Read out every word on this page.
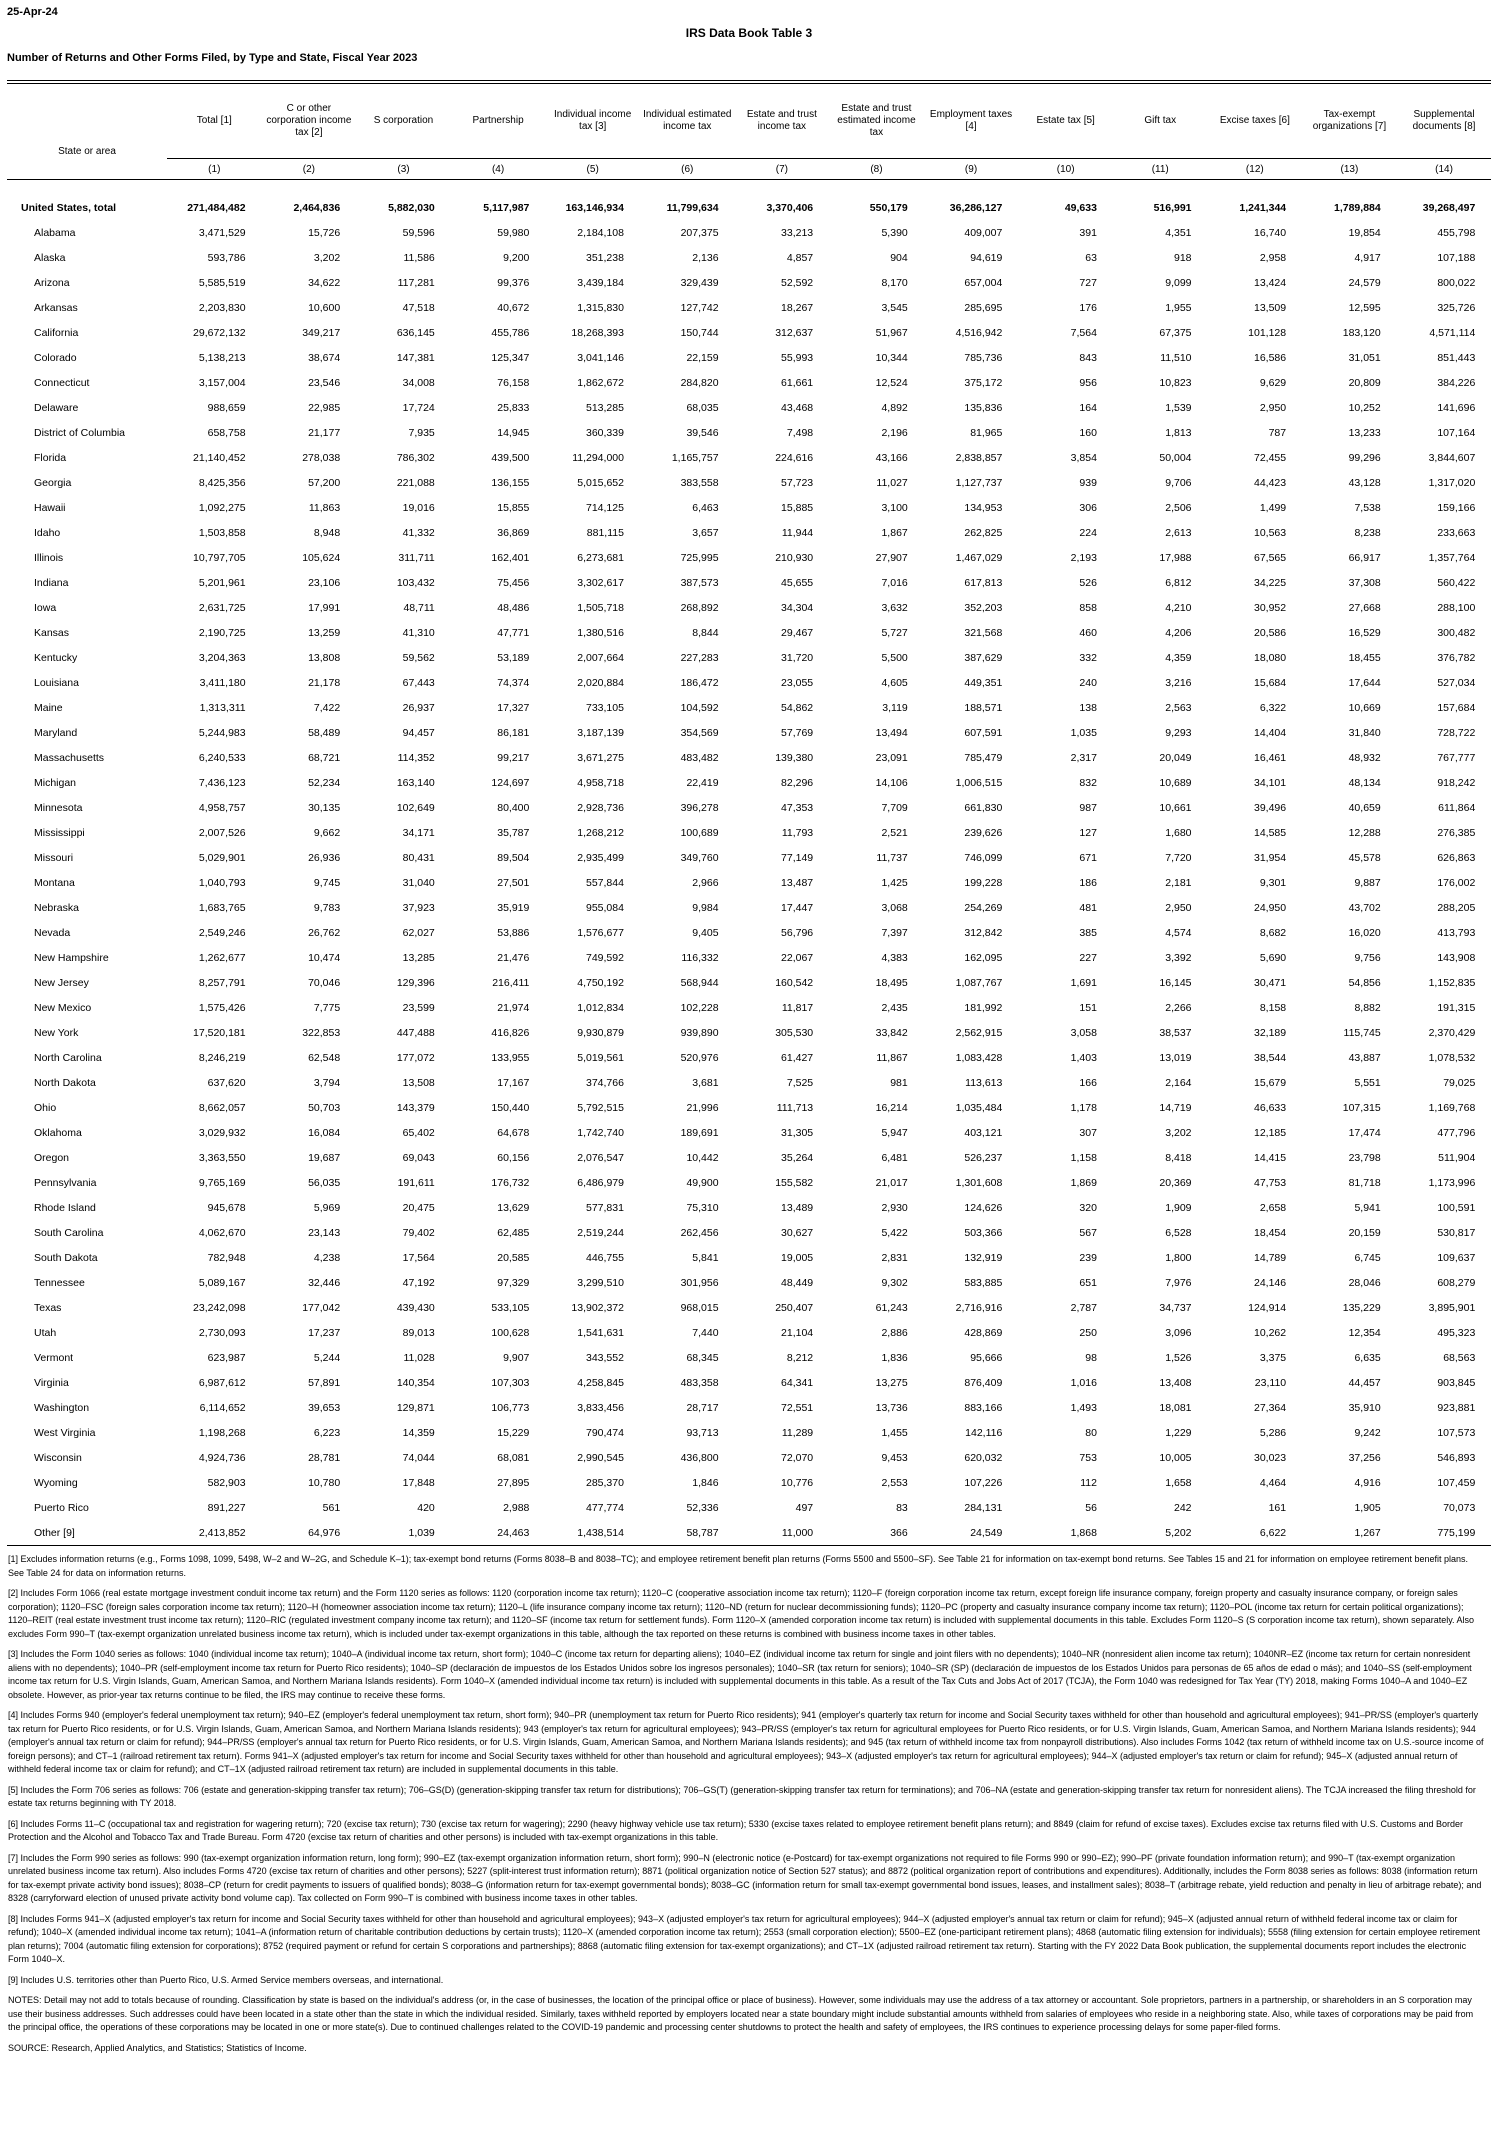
25-Apr-24
IRS Data Book Table 3
Number of Returns and Other Forms Filed, by Type and State, Fiscal Year 2023
State or area	Total [1]	C or other corporation income tax [2]	S corporation	Partnership	Individual income tax [3]	Individual estimated income tax	Estate and trust income tax	Estate and trust estimated income tax	Employment taxes [4]	Estate tax [5]	Gift tax	Excise taxes [6]	Tax-exempt organizations [7]	Supplemental documents [8]
	(1)	(2)	(3)	(4)	(5)	(6)	(7)	(8)	(9)	(10)	(11)	(12)	(13)	(14)

United States, total	271,484,482	2,464,836	5,882,030	5,117,987	163,146,934	11,799,634	3,370,406	550,179	36,286,127	49,633	516,991	1,241,344	1,789,884	39,268,497
Alabama	3,471,529	15,726	59,596	59,980	2,184,108	207,375	33,213	5,390	409,007	391	4,351	16,740	19,854	455,798
Alaska	593,786	3,202	11,586	9,200	351,238	2,136	4,857	904	94,619	63	918	2,958	4,917	107,188
Arizona	5,585,519	34,622	117,281	99,376	3,439,184	329,439	52,592	8,170	657,004	727	9,099	13,424	24,579	800,022
Arkansas	2,203,830	10,600	47,518	40,672	1,315,830	127,742	18,267	3,545	285,695	176	1,955	13,509	12,595	325,726
California	29,672,132	349,217	636,145	455,786	18,268,393	150,744	312,637	51,967	4,516,942	7,564	67,375	101,128	183,120	4,571,114
Colorado	5,138,213	38,674	147,381	125,347	3,041,146	22,159	55,993	10,344	785,736	843	11,510	16,586	31,051	851,443
Connecticut	3,157,004	23,546	34,008	76,158	1,862,672	284,820	61,661	12,524	375,172	956	10,823	9,629	20,809	384,226
Delaware	988,659	22,985	17,724	25,833	513,285	68,035	43,468	4,892	135,836	164	1,539	2,950	10,252	141,696
District of Columbia	658,758	21,177	7,935	14,945	360,339	39,546	7,498	2,196	81,965	160	1,813	787	13,233	107,164
Florida	21,140,452	278,038	786,302	439,500	11,294,000	1,165,757	224,616	43,166	2,838,857	3,854	50,004	72,455	99,296	3,844,607
Georgia	8,425,356	57,200	221,088	136,155	5,015,652	383,558	57,723	11,027	1,127,737	939	9,706	44,423	43,128	1,317,020
Hawaii	1,092,275	11,863	19,016	15,855	714,125	6,463	15,885	3,100	134,953	306	2,506	1,499	7,538	159,166
Idaho	1,503,858	8,948	41,332	36,869	881,115	3,657	11,944	1,867	262,825	224	2,613	10,563	8,238	233,663
Illinois	10,797,705	105,624	311,711	162,401	6,273,681	725,995	210,930	27,907	1,467,029	2,193	17,988	67,565	66,917	1,357,764
Indiana	5,201,961	23,106	103,432	75,456	3,302,617	387,573	45,655	7,016	617,813	526	6,812	34,225	37,308	560,422
Iowa	2,631,725	17,991	48,711	48,486	1,505,718	268,892	34,304	3,632	352,203	858	4,210	30,952	27,668	288,100
Kansas	2,190,725	13,259	41,310	47,771	1,380,516	8,844	29,467	5,727	321,568	460	4,206	20,586	16,529	300,482
Kentucky	3,204,363	13,808	59,562	53,189	2,007,664	227,283	31,720	5,500	387,629	332	4,359	18,080	18,455	376,782
Louisiana	3,411,180	21,178	67,443	74,374	2,020,884	186,472	23,055	4,605	449,351	240	3,216	15,684	17,644	527,034
Maine	1,313,311	7,422	26,937	17,327	733,105	104,592	54,862	3,119	188,571	138	2,563	6,322	10,669	157,684
Maryland	5,244,983	58,489	94,457	86,181	3,187,139	354,569	57,769	13,494	607,591	1,035	9,293	14,404	31,840	728,722
Massachusetts	6,240,533	68,721	114,352	99,217	3,671,275	483,482	139,380	23,091	785,479	2,317	20,049	16,461	48,932	767,777
Michigan	7,436,123	52,234	163,140	124,697	4,958,718	22,419	82,296	14,106	1,006,515	832	10,689	34,101	48,134	918,242
Minnesota	4,958,757	30,135	102,649	80,400	2,928,736	396,278	47,353	7,709	661,830	987	10,661	39,496	40,659	611,864
Mississippi	2,007,526	9,662	34,171	35,787	1,268,212	100,689	11,793	2,521	239,626	127	1,680	14,585	12,288	276,385
Missouri	5,029,901	26,936	80,431	89,504	2,935,499	349,760	77,149	11,737	746,099	671	7,720	31,954	45,578	626,863
Montana	1,040,793	9,745	31,040	27,501	557,844	2,966	13,487	1,425	199,228	186	2,181	9,301	9,887	176,002
Nebraska	1,683,765	9,783	37,923	35,919	955,084	9,984	17,447	3,068	254,269	481	2,950	24,950	43,702	288,205
Nevada	2,549,246	26,762	62,027	53,886	1,576,677	9,405	56,796	7,397	312,842	385	4,574	8,682	16,020	413,793
New Hampshire	1,262,677	10,474	13,285	21,476	749,592	116,332	22,067	4,383	162,095	227	3,392	5,690	9,756	143,908
New Jersey	8,257,791	70,046	129,396	216,411	4,750,192	568,944	160,542	18,495	1,087,767	1,691	16,145	30,471	54,856	1,152,835
New Mexico	1,575,426	7,775	23,599	21,974	1,012,834	102,228	11,817	2,435	181,992	151	2,266	8,158	8,882	191,315
New York	17,520,181	322,853	447,488	416,826	9,930,879	939,890	305,530	33,842	2,562,915	3,058	38,537	32,189	115,745	2,370,429
North Carolina	8,246,219	62,548	177,072	133,955	5,019,561	520,976	61,427	11,867	1,083,428	1,403	13,019	38,544	43,887	1,078,532
North Dakota	637,620	3,794	13,508	17,167	374,766	3,681	7,525	981	113,613	166	2,164	15,679	5,551	79,025
Ohio	8,662,057	50,703	143,379	150,440	5,792,515	21,996	111,713	16,214	1,035,484	1,178	14,719	46,633	107,315	1,169,768
Oklahoma	3,029,932	16,084	65,402	64,678	1,742,740	189,691	31,305	5,947	403,121	307	3,202	12,185	17,474	477,796
Oregon	3,363,550	19,687	69,043	60,156	2,076,547	10,442	35,264	6,481	526,237	1,158	8,418	14,415	23,798	511,904
Pennsylvania	9,765,169	56,035	191,611	176,732	6,486,979	49,900	155,582	21,017	1,301,608	1,869	20,369	47,753	81,718	1,173,996
Rhode Island	945,678	5,969	20,475	13,629	577,831	75,310	13,489	2,930	124,626	320	1,909	2,658	5,941	100,591
South Carolina	4,062,670	23,143	79,402	62,485	2,519,244	262,456	30,627	5,422	503,366	567	6,528	18,454	20,159	530,817
South Dakota	782,948	4,238	17,564	20,585	446,755	5,841	19,005	2,831	132,919	239	1,800	14,789	6,745	109,637
Tennessee	5,089,167	32,446	47,192	97,329	3,299,510	301,956	48,449	9,302	583,885	651	7,976	24,146	28,046	608,279
Texas	23,242,098	177,042	439,430	533,105	13,902,372	968,015	250,407	61,243	2,716,916	2,787	34,737	124,914	135,229	3,895,901
Utah	2,730,093	17,237	89,013	100,628	1,541,631	7,440	21,104	2,886	428,869	250	3,096	10,262	12,354	495,323
Vermont	623,987	5,244	11,028	9,907	343,552	68,345	8,212	1,836	95,666	98	1,526	3,375	6,635	68,563
Virginia	6,987,612	57,891	140,354	107,303	4,258,845	483,358	64,341	13,275	876,409	1,016	13,408	23,110	44,457	903,845
Washington	6,114,652	39,653	129,871	106,773	3,833,456	28,717	72,551	13,736	883,166	1,493	18,081	27,364	35,910	923,881
West Virginia	1,198,268	6,223	14,359	15,229	790,474	93,713	11,289	1,455	142,116	80	1,229	5,286	9,242	107,573
Wisconsin	4,924,736	28,781	74,044	68,081	2,990,545	436,800	72,070	9,453	620,032	753	10,005	30,023	37,256	546,893
Wyoming	582,903	10,780	17,848	27,895	285,370	1,846	10,776	2,553	107,226	112	1,658	4,464	4,916	107,459
Puerto Rico	891,227	561	420	2,988	477,774	52,336	497	83	284,131	56	242	161	1,905	70,073
Other [9]	2,413,852	64,976	1,039	24,463	1,438,514	58,787	11,000	366	24,549	1,868	5,202	6,622	1,267	775,199

[1] Excludes information returns (e.g., Forms 1098, 1099, 5498, W–2 and W–2G, and Schedule K–1); tax-exempt bond returns (Forms 8038–B and 8038–TC); and employee retirement benefit plan returns (Forms 5500 and 5500–SF). See Table 21 for information on tax-exempt bond returns. See Tables 15 and 21 for information on employee retirement benefit plans. See Table 24 for data on information returns.

[2] Includes Form 1066 (real estate mortgage investment conduit income tax return) and the Form 1120 series as follows: 1120 (corporation income tax return); 1120–C (cooperative association income tax return); 1120–F (foreign corporation income tax return, except foreign life insurance company, foreign property and casualty insurance company, or foreign sales corporation); 1120–FSC (foreign sales corporation income tax return); 1120–H (homeowner association income tax return); 1120–L (life insurance company income tax return); 1120–ND (return for nuclear decommissioning funds); 1120–PC (property and casualty insurance company income tax return); 1120–POL (income tax return for certain political organizations); 1120–REIT (real estate investment trust income tax return); 1120–RIC (regulated investment company income tax return); and 1120–SF (income tax return for settlement funds). Form 1120–X (amended corporation income tax return) is included with supplemental documents in this table. Excludes Form 1120–S (S corporation income tax return), shown separately. Also excludes Form 990–T (tax-exempt organization unrelated business income tax return), which is included under tax-exempt organizations in this table, although the tax reported on these returns is combined with business income taxes in other tables.

[3] Includes the Form 1040 series as follows: 1040 (individual income tax return); 1040–A (individual income tax return, short form); 1040–C (income tax return for departing aliens); 1040–EZ (individual income tax return for single and joint filers with no dependents); 1040–NR (nonresident alien income tax return); 1040NR–EZ (income tax return for certain nonresident aliens with no dependents); 1040–PR (self-employment income tax return for Puerto Rico residents); 1040–SP (declaración de impuestos de los Estados Unidos sobre los ingresos personales); 1040–SR (tax return for seniors); 1040–SR (SP) (declaración de impuestos de los Estados Unidos para personas de 65 años de edad o más); and 1040–SS (self-employment income tax return for U.S. Virgin Islands, Guam, American Samoa, and Northern Mariana Islands residents). Form 1040–X (amended individual income tax return) is included with supplemental documents in this table. As a result of the Tax Cuts and Jobs Act of 2017 (TCJA), the Form 1040 was redesigned for Tax Year (TY) 2018, making Forms 1040–A and 1040–EZ obsolete. However, as prior-year tax returns continue to be filed, the IRS may continue to receive these forms.

[4] Includes Forms 940 (employer's federal unemployment tax return); 940–EZ (employer's federal unemployment tax return, short form); 940–PR (unemployment tax return for Puerto Rico residents); 941 (employer's quarterly tax return for income and Social Security taxes withheld for other than household and agricultural employees); 941–PR/SS (employer's quarterly tax return for Puerto Rico residents, or for U.S. Virgin Islands, Guam, American Samoa, and Northern Mariana Islands residents); 943 (employer's tax return for agricultural employees); 943–PR/SS (employer's tax return for agricultural employees for Puerto Rico residents, or for U.S. Virgin Islands, Guam, American Samoa, and Northern Mariana Islands residents); 944 (employer's annual tax return or claim for refund); 944–PR/SS (employer's annual tax return for Puerto Rico residents, or for U.S. Virgin Islands, Guam, American Samoa, and Northern Mariana Islands residents); and 945 (tax return of withheld income tax from nonpayroll distributions). Also includes Forms 1042 (tax return of withheld income tax on U.S.-source income of foreign persons); and CT–1 (railroad retirement tax return). Forms 941–X (adjusted employer's tax return for income and Social Security taxes withheld for other than household and agricultural employees); 943–X (adjusted employer's tax return for agricultural employees); 944–X (adjusted employer's tax return or claim for refund); 945–X (adjusted annual return of withheld federal income tax or claim for refund); and CT–1X (adjusted railroad retirement tax return) are included in supplemental documents in this table.

[5] Includes the Form 706 series as follows: 706 (estate and generation-skipping transfer tax return); 706–GS(D) (generation-skipping transfer tax return for distributions); 706–GS(T) (generation-skipping transfer tax return for terminations); and 706–NA (estate and generation-skipping transfer tax return for nonresident aliens). The TCJA increased the filing threshold for estate tax returns beginning with TY 2018.

[6] Includes Forms 11–C (occupational tax and registration for wagering return); 720 (excise tax return); 730 (excise tax return for wagering); 2290 (heavy highway vehicle use tax return); 5330 (excise taxes related to employee retirement benefit plans return); and 8849 (claim for refund of excise taxes). Excludes excise tax returns filed with U.S. Customs and Border Protection and the Alcohol and Tobacco Tax and Trade Bureau. Form 4720 (excise tax return of charities and other persons) is included with tax-exempt organizations in this table.

[7] Includes the Form 990 series as follows: 990 (tax-exempt organization information return, long form); 990–EZ (tax-exempt organization information return, short form); 990–N (electronic notice (e-Postcard) for tax-exempt organizations not required to file Forms 990 or 990–EZ); 990–PF (private foundation information return); and 990–T (tax-exempt organization unrelated business income tax return). Also includes Forms 4720 (excise tax return of charities and other persons); 5227 (split-interest trust information return); 8871 (political organization notice of Section 527 status); and 8872 (political organization report of contributions and expenditures). Additionally, includes the Form 8038 series as follows: 8038 (information return for tax-exempt private activity bond issues); 8038–CP (return for credit payments to issuers of qualified bonds); 8038–G (information return for tax-exempt governmental bonds); 8038–GC (information return for small tax-exempt governmental bond issues, leases, and installment sales); 8038–T (arbitrage rebate, yield reduction and penalty in lieu of arbitrage rebate); and 8328 (carryforward election of unused private activity bond volume cap). Tax collected on Form 990–T is combined with business income taxes in other tables.

[8] Includes Forms 941–X (adjusted employer's tax return for income and Social Security taxes withheld for other than household and agricultural employees); 943–X (adjusted employer's tax return for agricultural employees); 944–X (adjusted employer's annual tax return or claim for refund); 945–X (adjusted annual return of withheld federal income tax or claim for refund); 1040–X (amended individual income tax return); 1041–A (information return of charitable contribution deductions by certain trusts); 1120–X (amended corporation income tax return); 2553 (small corporation election); 5500–EZ (one-participant retirement plans); 4868 (automatic filing extension for individuals); 5558 (filing extension for certain employee retirement plan returns); 7004 (automatic filing extension for corporations); 8752 (required payment or refund for certain S corporations and partnerships); 8868 (automatic filing extension for tax-exempt organizations); and CT–1X (adjusted railroad retirement tax return). Starting with the FY 2022 Data Book publication, the supplemental documents report includes the electronic Form 1040–X.

[9] Includes U.S. territories other than Puerto Rico, U.S. Armed Service members overseas, and international.

NOTES: Detail may not add to totals because of rounding. Classification by state is based on the individual's address (or, in the case of businesses, the location of the principal office or place of business). However, some individuals may use the address of a tax attorney or accountant. Sole proprietors, partners in a partnership, or shareholders in an S corporation may use their business addresses. Such addresses could have been located in a state other than the state in which the individual resided. Similarly, taxes withheld reported by employers located near a state boundary might include substantial amounts withheld from salaries of employees who reside in a neighboring state. Also, while taxes of corporations may be paid from the principal office, the operations of these corporations may be located in one or more state(s). Due to continued challenges related to the COVID-19 pandemic and processing center shutdowns to protect the health and safety of employees, the IRS continues to experience processing delays for some paper-filed forms.

SOURCE: Research, Applied Analytics, and Statistics; Statistics of Income.
